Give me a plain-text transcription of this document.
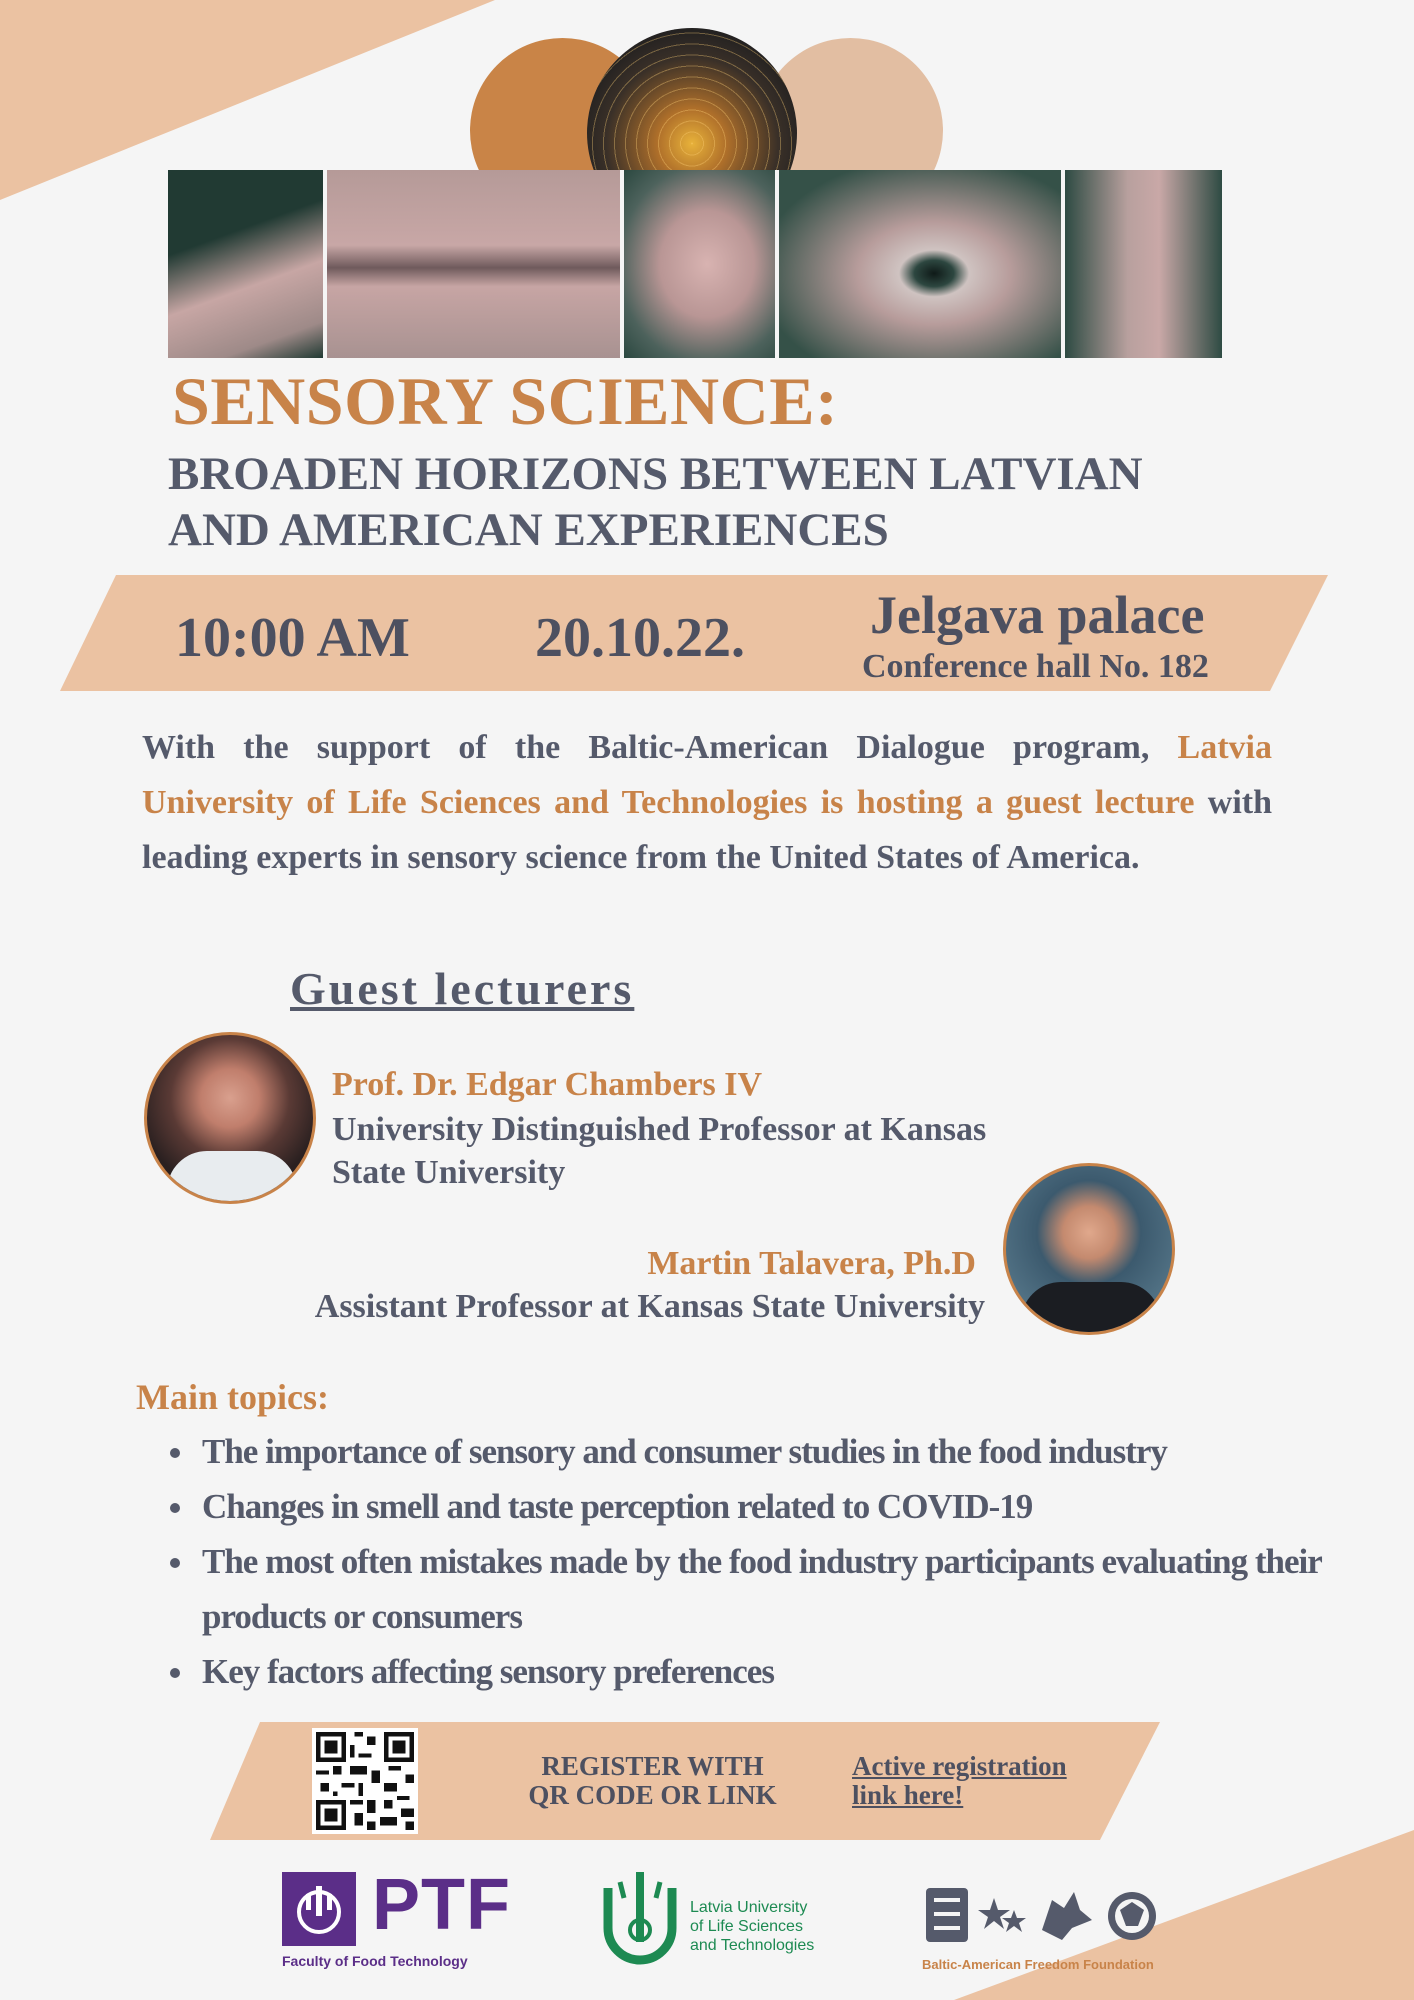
SENSORY SCIENCE:
BROADEN HORIZONS BETWEEN LATVIAN
AND AMERICAN EXPERIENCES
10:00 AM 20.10.22. Jelgava palace
Conference hall No. 182
With the support of the Baltic-American Dialogue program, Latvia University of Life Sciences and Technologies is hosting a guest lecture with leading experts in sensory science from the United States of America.
Guest lecturers
Prof. Dr. Edgar Chambers IV
University Distinguished Professor at Kansas
State University
Martin Talavera, Ph.D
Assistant Professor at Kansas State University
Main topics:
The importance of sensory and consumer studies in the food industry
Changes in smell and taste perception related to COVID-19
The most often mistakes made by the food industry participants evaluating their products or consumers
Key factors affecting sensory preferences
REGISTER WITH
QR CODE OR LINK
Active registration
link here!
PTF
Faculty of Food Technology
Latvia University
of Life Sciences
and Technologies
Baltic-American Freedom Foundation
